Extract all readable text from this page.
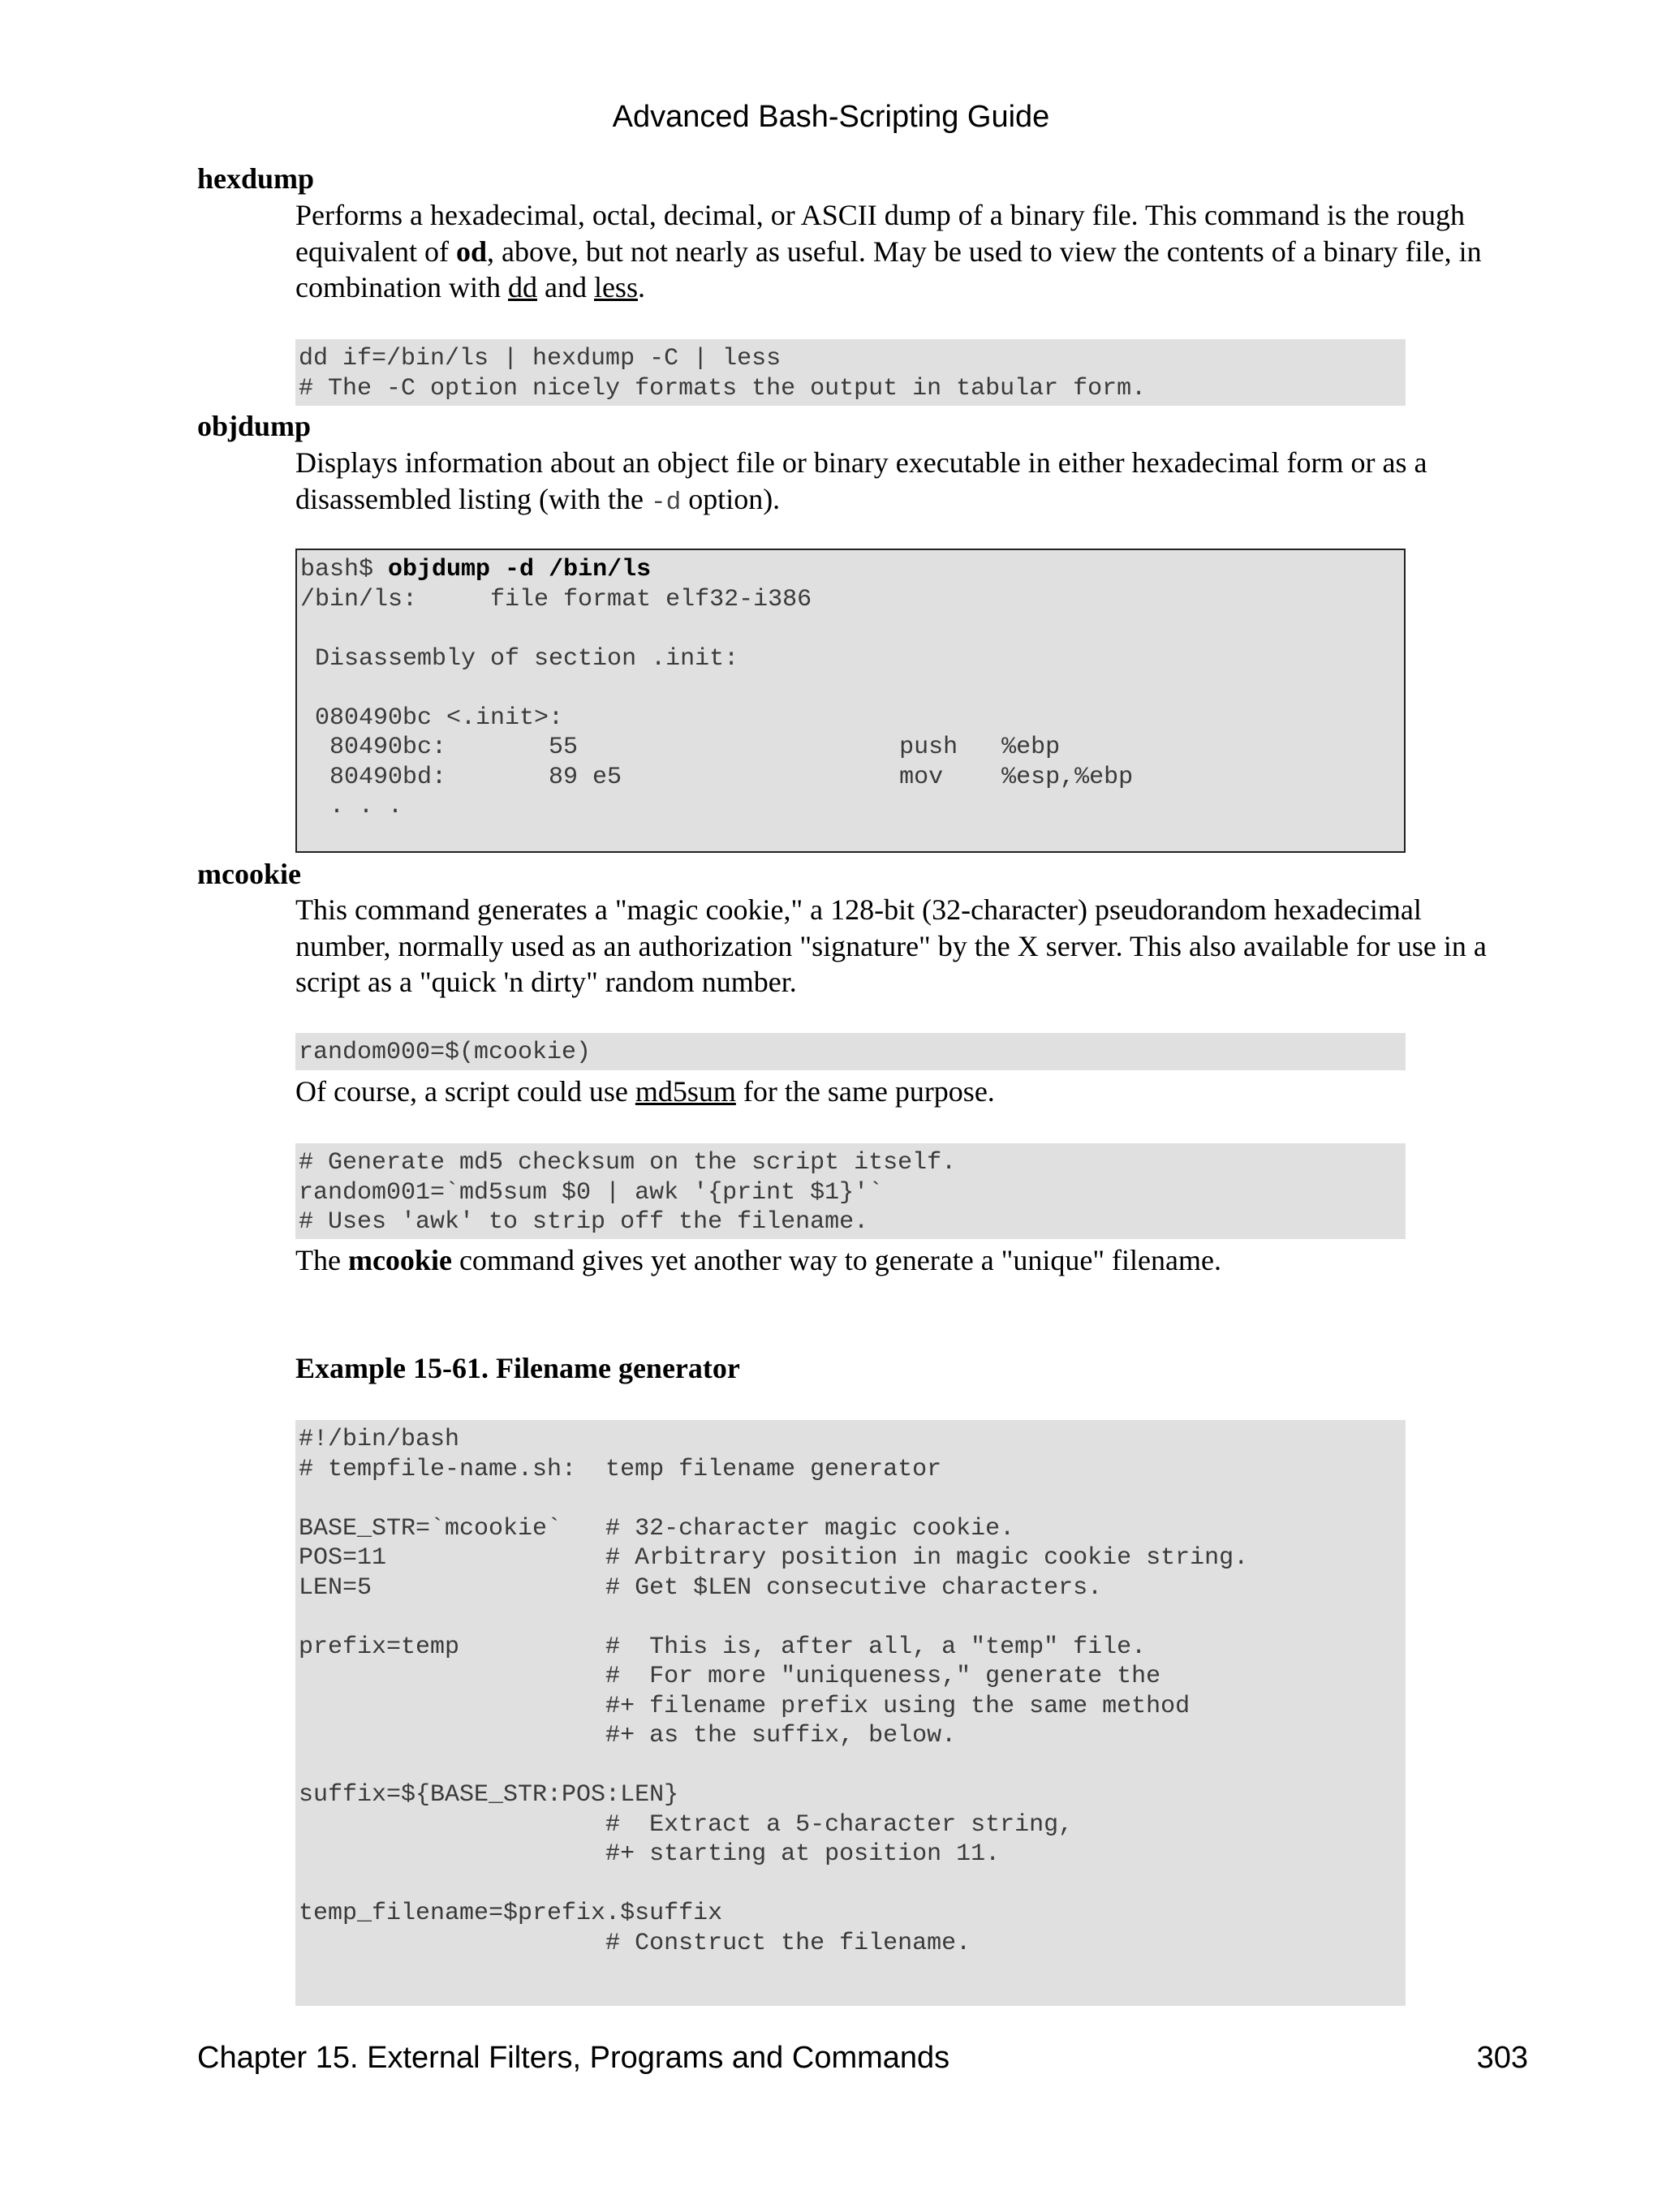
Advanced Bash-Scripting Guide
hexdump
Performs a hexadecimal, octal, decimal, or ASCII dump of a binary file. This command is the rough
equivalent of od, above, but not nearly as useful. May be used to view the contents of a binary file, in
combination with dd and less.
dd if=/bin/ls | hexdump -C | less
# The -C option nicely formats the output in tabular form.
objdump
Displays information about an object file or binary executable in either hexadecimal form or as a
disassembled listing (with the -d option).
bash$ objdump -d /bin/ls
/bin/ls:     file format elf32-i386

Disassembly of section .init:

080490bc <.init>:
80490bc:       55                      push   %ebp
80490bd:       89 e5                   mov    %esp,%ebp
. . .
mcookie
This command generates a "magic cookie," a 128-bit (32-character) pseudorandom hexadecimal
number, normally used as an authorization "signature" by the X server. This also available for use in a
script as a "quick 'n dirty" random number.
random000=$(mcookie)
Of course, a script could use md5sum for the same purpose.
# Generate md5 checksum on the script itself.
random001=`md5sum $0 | awk '{print $1}'`
# Uses 'awk' to strip off the filename.
The mcookie command gives yet another way to generate a "unique" filename.
Example 15-61. Filename generator
#!/bin/bash
# tempfile-name.sh:  temp filename generator

BASE_STR=`mcookie`   # 32-character magic cookie.
POS=11               # Arbitrary position in magic cookie string.
LEN=5                # Get $LEN consecutive characters.

prefix=temp          #  This is, after all, a "temp" file.
#  For more "uniqueness," generate the
#+ filename prefix using the same method
#+ as the suffix, below.

suffix=${BASE_STR:POS:LEN}
#  Extract a 5-character string,
#+ starting at position 11.

temp_filename=$prefix.$suffix
# Construct the filename.

Chapter 15. External Filters, Programs and Commands	303
